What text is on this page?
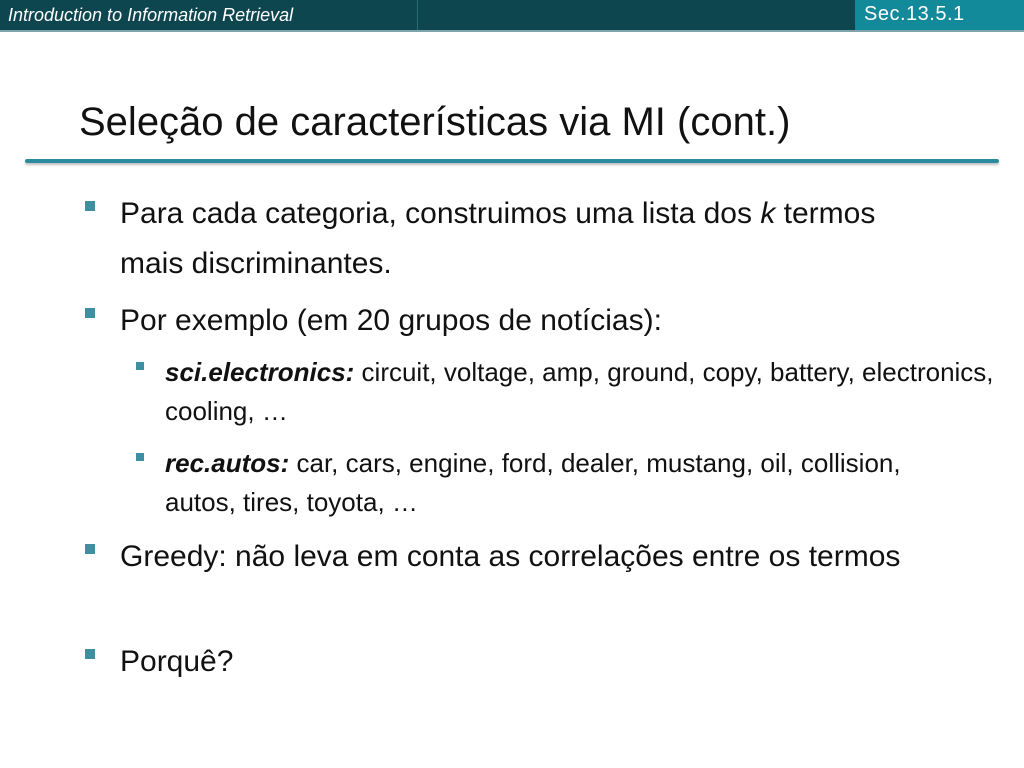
Introduction to Information Retrieval	Sec.13.5.1
Seleção de características via MI (cont.)
Para cada categoria, construimos uma lista dos k termos mais discriminantes.
Por exemplo (em 20 grupos de notícias):
sci.electronics: circuit, voltage, amp, ground, copy, battery, electronics, cooling, …
rec.autos: car, cars, engine, ford, dealer, mustang, oil, collision, autos, tires, toyota, …
Greedy: não leva em conta as correlações entre os termos
Porquê?
